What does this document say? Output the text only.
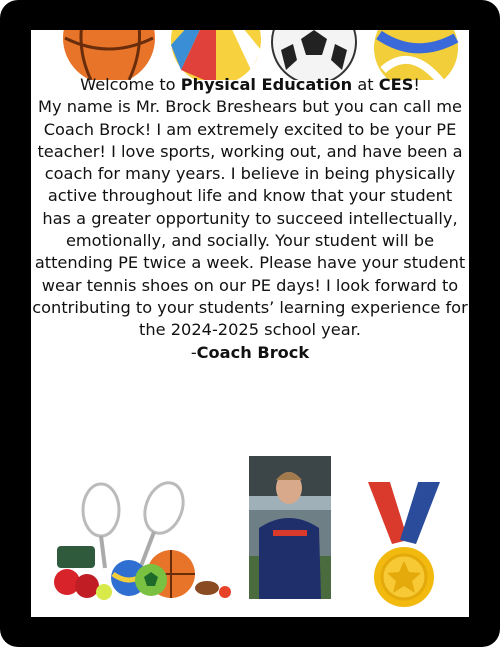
Welcome to Physical Education at CES!

My name is Mr. Brock Breshears but you can call me Coach Brock! I am extremely excited to be your PE teacher! I love sports, working out, and have been a coach for many years. I believe in being physically active throughout life and know that your student has a greater opportunity to succeed intellectually, emotionally, and socially. Your student will be attending PE twice a week. Please have your student wear tennis shoes on our PE days! I look forward to contributing to your students’ learning experience for the 2024-2025 school year.

-Coach Brock
